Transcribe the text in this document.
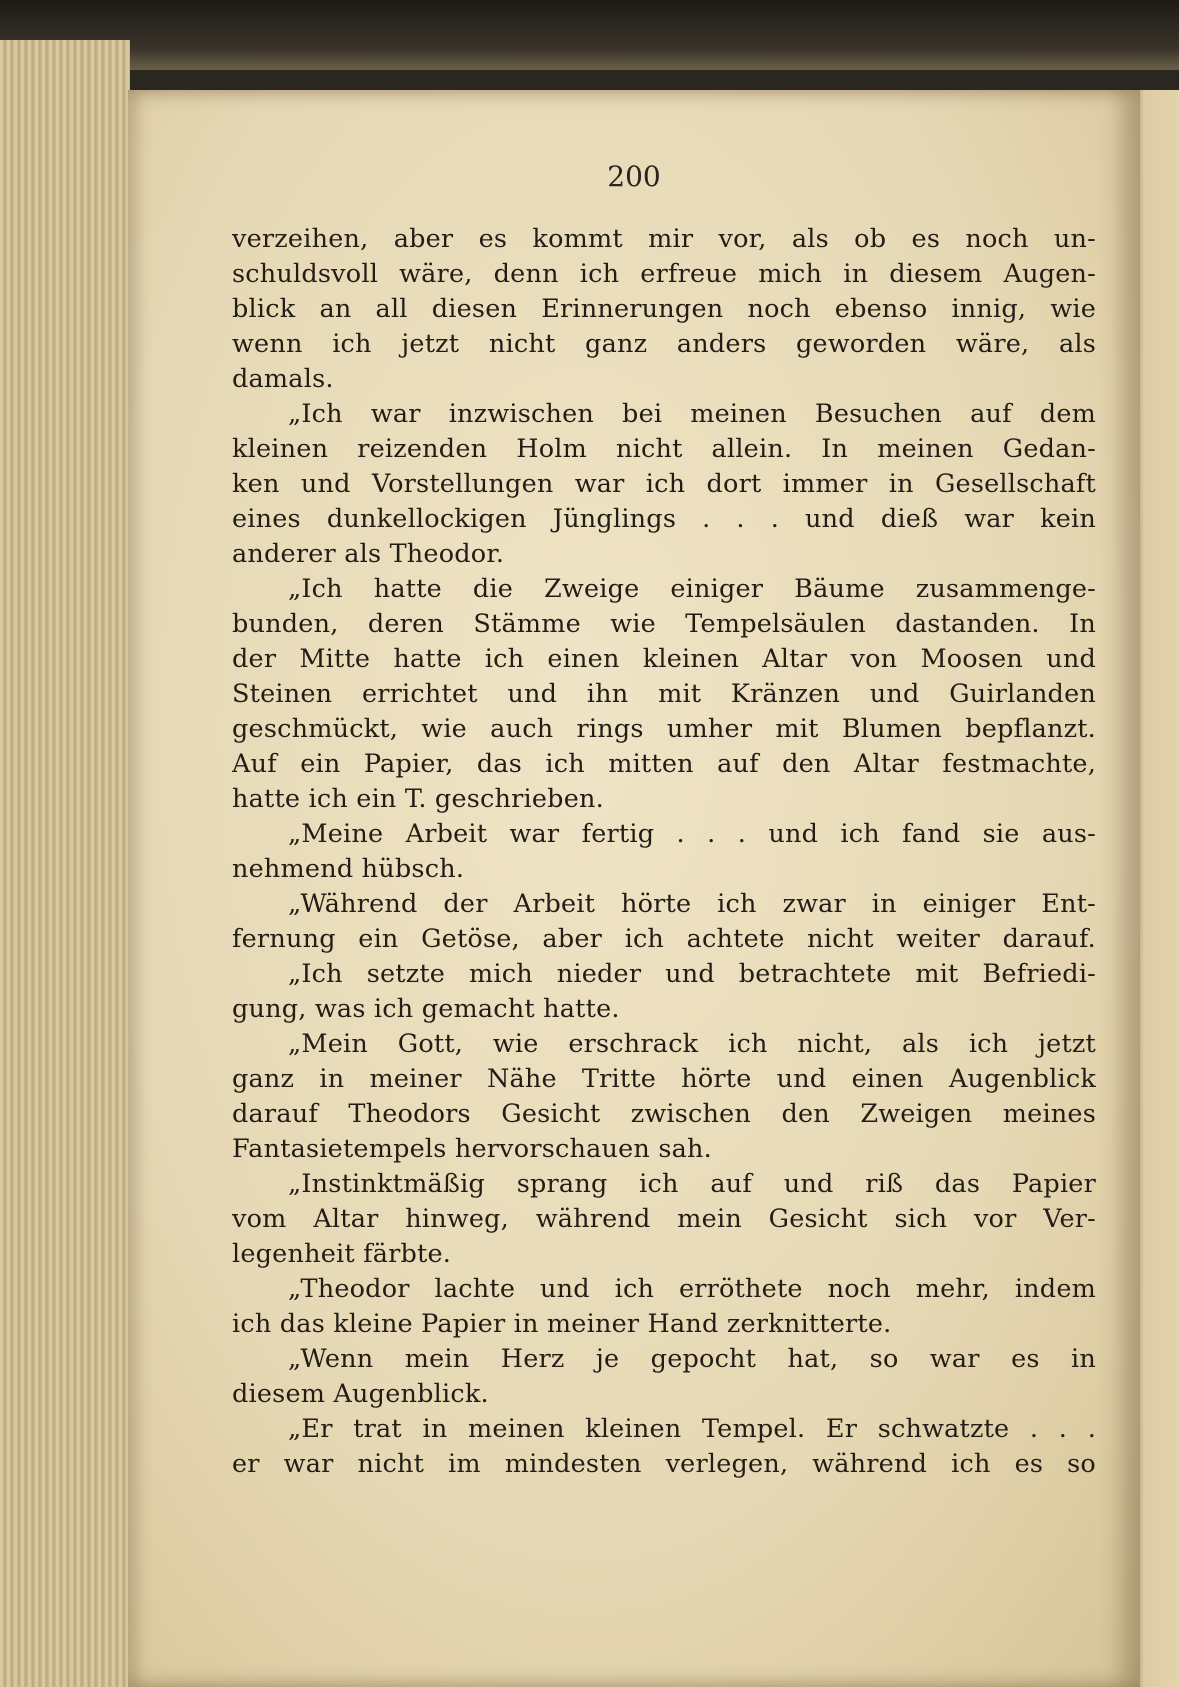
200
verzeihen, aber es kommt mir vor, als ob es noch un-
schuldsvoll wäre, denn ich erfreue mich in diesem Augen-
blick an all diesen Erinnerungen noch ebenso innig, wie
wenn ich jetzt nicht ganz anders geworden wäre, als
damals.
„Ich war inzwischen bei meinen Besuchen auf dem
kleinen reizenden Holm nicht allein. In meinen Gedan-
ken und Vorstellungen war ich dort immer in Gesellschaft
eines dunkellockigen Jünglings . . . und dieß war kein
anderer als Theodor.
„Ich hatte die Zweige einiger Bäume zusammenge-
bunden, deren Stämme wie Tempelsäulen dastanden. In
der Mitte hatte ich einen kleinen Altar von Moosen und
Steinen errichtet und ihn mit Kränzen und Guirlanden
geschmückt, wie auch rings umher mit Blumen bepflanzt.
Auf ein Papier, das ich mitten auf den Altar festmachte,
hatte ich ein T. geschrieben.
„Meine Arbeit war fertig . . . und ich fand sie aus-
nehmend hübsch.
„Während der Arbeit hörte ich zwar in einiger Ent-
fernung ein Getöse, aber ich achtete nicht weiter darauf.
„Ich setzte mich nieder und betrachtete mit Befriedi-
gung, was ich gemacht hatte.
„Mein Gott, wie erschrack ich nicht, als ich jetzt
ganz in meiner Nähe Tritte hörte und einen Augenblick
darauf Theodors Gesicht zwischen den Zweigen meines
Fantasietempels hervorschauen sah.
„Instinktmäßig sprang ich auf und riß das Papier
vom Altar hinweg, während mein Gesicht sich vor Ver-
legenheit färbte.
„Theodor lachte und ich erröthete noch mehr, indem
ich das kleine Papier in meiner Hand zerknitterte.
„Wenn mein Herz je gepocht hat, so war es in
diesem Augenblick.
„Er trat in meinen kleinen Tempel. Er schwatzte . . .
er war nicht im mindesten verlegen, während ich es so
